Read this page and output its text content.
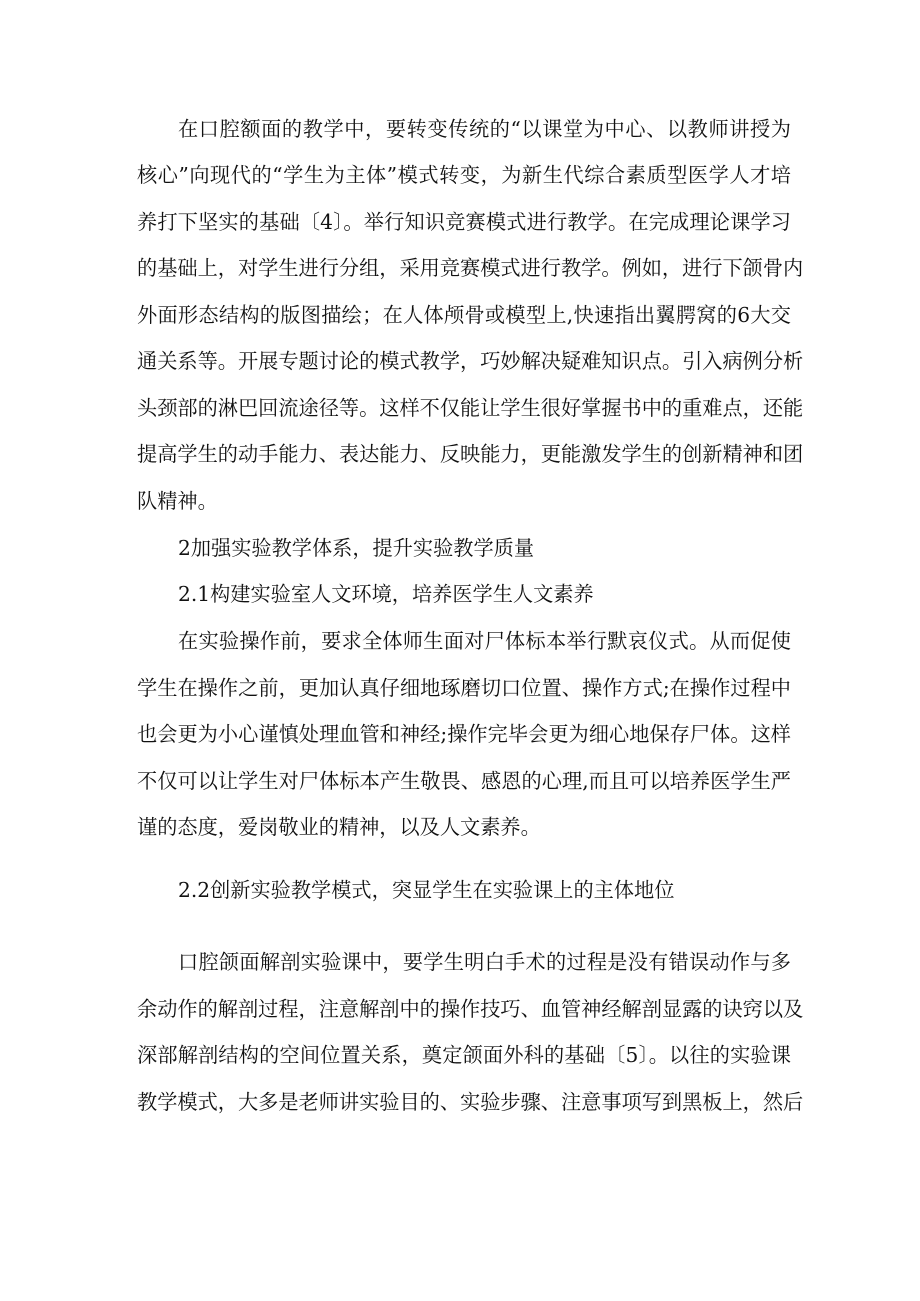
在口腔额面的教学中，要转变传统的“以课堂为中心、以教师讲授为
核心”向现代的“学生为主体”模式转变，为新生代综合素质型医学人才培
养打下坚实的基础〔4〕。举行知识竞赛模式进行教学。在完成理论课学习
的基础上，对学生进行分组，采用竞赛模式进行教学。例如，进行下颌骨内
外面形态结构的版图描绘；在人体颅骨或模型上,快速指出翼腭窝的6大交
通关系等。开展专题讨论的模式教学，巧妙解决疑难知识点。引入病例分析
头颈部的淋巴回流途径等。这样不仅能让学生很好掌握书中的重难点，还能
提高学生的动手能力、表达能力、反映能力，更能激发学生的创新精神和团
队精神。
2加强实验教学体系，提升实验教学质量
2.1构建实验室人文环境，培养医学生人文素养
在实验操作前，要求全体师生面对尸体标本举行默哀仪式。从而促使
学生在操作之前，更加认真仔细地琢磨切口位置、操作方式;在操作过程中
也会更为小心谨慎处理血管和神经;操作完毕会更为细心地保存尸体。这样
不仅可以让学生对尸体标本产生敬畏、感恩的心理,而且可以培养医学生严
谨的态度，爱岗敬业的精神，以及人文素养。
2.2创新实验教学模式，突显学生在实验课上的主体地位
口腔颌面解剖实验课中，要学生明白手术的过程是没有错误动作与多
余动作的解剖过程，注意解剖中的操作技巧、血管神经解剖显露的诀窍以及
深部解剖结构的空间位置关系，奠定颌面外科的基础〔5〕。以往的实验课
教学模式，大多是老师讲实验目的、实验步骤、注意事项写到黑板上，然后
